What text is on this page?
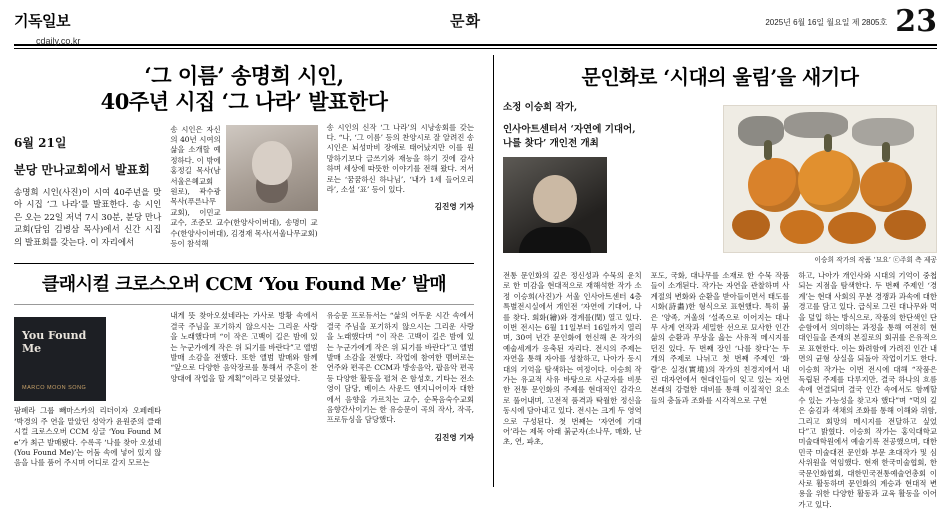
기독일보
cdaily.co.kr
문화	2025년 6월 16일 월요일 제 2805호 23
‘그 이름’ 송명희 시인,
40주년 시집 ‘그 나라’ 발표한다
6월 21일
분당 만나교회에서 발표회
송명희 시인(사진)이 시여 40주년을 맞아 시집 ‘그 나라’를 발표한다. 송 시인은 오는 22일 저녁 7시 30분, 분당 만나교회(담임 김병삼 목사)에서 신간 시집의 발표회를 갖는다. 이 자리에서

송 시인은 자신의 40년 시여의 삶을 소개할 예정하다. 이 밖에 홍정길 목사(남서울은혜교회 원로), 곽수광 목사(푸른나무교회), 이민교 교수, 조준모 교수(한양사이버대), 송명미 교수(한양사이버대), 김경재 목사(서울나무교회) 등이 참석해

송 시인의 신작 ‘그 나라’의 시낭송회를 갖는다. “나, ‘그 이름’ 등의 찬양시로 잘 알려진 송 시인은 뇌성마비 장애로 태어났지만 이를 원망하기보다 글쓰기와 재능을 하기 것에 감사하며 세상에 따뜻한 이야기를 전해 왔다. 저서로는 ‘꿈꿈하신 하나님’, ‘내가 1세 들어오리라’, 소설 ‘표’ 등이 있다.

김진영 기자
클래시컬 크로스오버 CCM ‘You Found Me’ 발매
You Found Me
MARCO MOON SONG

팜폐라 그룹 빼마스카의 리더이자 오페레타 ‘박경의 주 연을 맡았던 성악가 윤원준의 클래시컬 크로스오버 CCM 싱글 ‘You Found Me’가 최근 발매됐다. 수록곡 ‘나를 찾아 오셨네(You Found Me)’는 어둠 속에 넣어 있지 않음을 나를 품어 주시며 어디로 갈지 모르는

내게 뜻 찾아오셨네라는 가사로 방황 속에서 결국 주님을 포기하지 않으시는 그리운 사랑을 노래했다며 “이 작은 고백이 길은 밤에 있는 누군가에게 작은 위 되기를 바란다”고 앨범 발매 소감을 전했다. 또한 앨범 발매와 함께 “앞으로 다양한 음악장르를 통해서 주흔이 찬양대에 작업을 할 계획”이라고 덧붙였다.

유승문 프로듀서는 “삶의 어두운 시간 속에서 결국 주님을 포기하지 않으시는 그리운 사랑을 노래했다며 “이 작은 고백이 길은 밤에 있는 누군가에게 작은 위 되기를 바란다”고 앨범 발매 소감을 전했다. 작업에 참여한 멤버로는 연주와 편곡은 CCM과 방송음악, 팝음악 편곡 등 다양한 활동을 펼쳐 온 함성호, 기타는 전소영이 담당, 베이스 사운드 엔지니어이자 대한에서 음향을 가르치는 교수, 순복음숙수교회 음향간사이기는 한 유승문이 곡의 작사, 작곡, 프로듀싱을 담당했다.

김진영 기자
문인화로 ‘시대의 울림’을 새기다
소정 이승희 작가,
인사아트센터서 ‘자연에 기대어,
나를 찾다’ 개인전 개최
이승희 작가의 작품 ‘묘요’ ⓒ주회 측 제공

전통 문인화의 깊은 정신성과 수묵의 운치로 한 미감을 현대적으로 재해석한 작가 소정 이승희(사진)가 서울 인사아트센터 4층 특별전시실에서 개인전 ‘자연에 기대어, 나를 찾다. 회화(繪)와 경계를(閏) 열고 있다. 이번 전시는 6월 11일부터 16일까지 열리며, 30여 년간 문인화에 헌신해 온 작가의 예술세계가 응축된 자리다. 전시의 주제는 자연을 통해 자아를 성찰하고, 나아가 동시대의 기억을 탐색하는 여정이다. 이승희 작가는 유교적 사유 바탕으로 사군자를 비롯한 전통 문인화의 주제를 현대적인 감각으로 풀어내며, 고전적 품격과 탁월한 정신을 동시에 담아내고 있다. 전시는 크게 두 영역으로 구성된다. 첫 번째는 ‘자연에 기대어’라는 제목 아래 붉군자(소나무, 매화, 난초, 연, 파초,

포도, 국화, 대나무를 소재로 한 수묵 작품들이 소개된다. 작가는 자연을 관찰하며 사계절의 변화와 순환을 받아들이면서 태도를 시화(詩畵)한 형식으로 표현했다. 특히 붉은 ‘양족, 겨울의 ‘설족으로 이어지는 대나무 사계 연작과 세밀한 선으로 묘사한 인간 삶의 순환과 무상을 읊는 사유적 메시지를 던진 있다. 두 번째 장인 ‘나를 찾다’는 두 개의 주제로 나뉘고 첫 번째 주제인 ‘화람’은 실경(實境)의 작가의 친경지에서 내린 대자연에서 현대인들이 잊고 있는 자연 본래의 강렬한 대비를 통해 이질적인 요소들의 충돌과 조화를 시각적으로 구현

하고, 나아가 개인사와 시대의 기억이 중첩되는 지점을 탐색한다. 두 번째 주제인 ‘경계’는 현대 사회의 무분 경쟁과 과속에 대한 경고를 담고 있다. 급식로 그린 대나무와 먹을 덮입 하는 방식으로, 작품의 한단색인 단순함에서 의미하는 과정을 통해 여전히 현대인들을 존재의 본질로의 회귀를 은유적으로 표현한다. 이는 화려함에 가려진 인간 내면의 균형 상실을 되돌아 작업이기도 한다. 이승희 작가는 이번 전시에 대해 “작품은 독립된 주제를 다루지만, 결국 하나의 흐름 속에 연결되며 결국 인간 속에서도 함께할 수 있는 가능성을 찾고자 했다”며 “먹의 깊은 숨김과 색채의 조화를 통해 이해와 위함, 그리고 회망의 메시지를 전달하고 싶었다”고 밝혔다. 이승희 작가는 홍익대학교 미술대학원에서 예술기록 전공했으며, 대한민국 미술대전 문인화 부문 초대작가 및 심사위원을 역임했다. 현재 한국미술협회, 한국문인화협회, 대한민국전통예술연총회 이사로 활동하며 문인화의 계승과 현대적 변용을 위한 다양한 활동과 교육 활동을 이어가고 있다.
